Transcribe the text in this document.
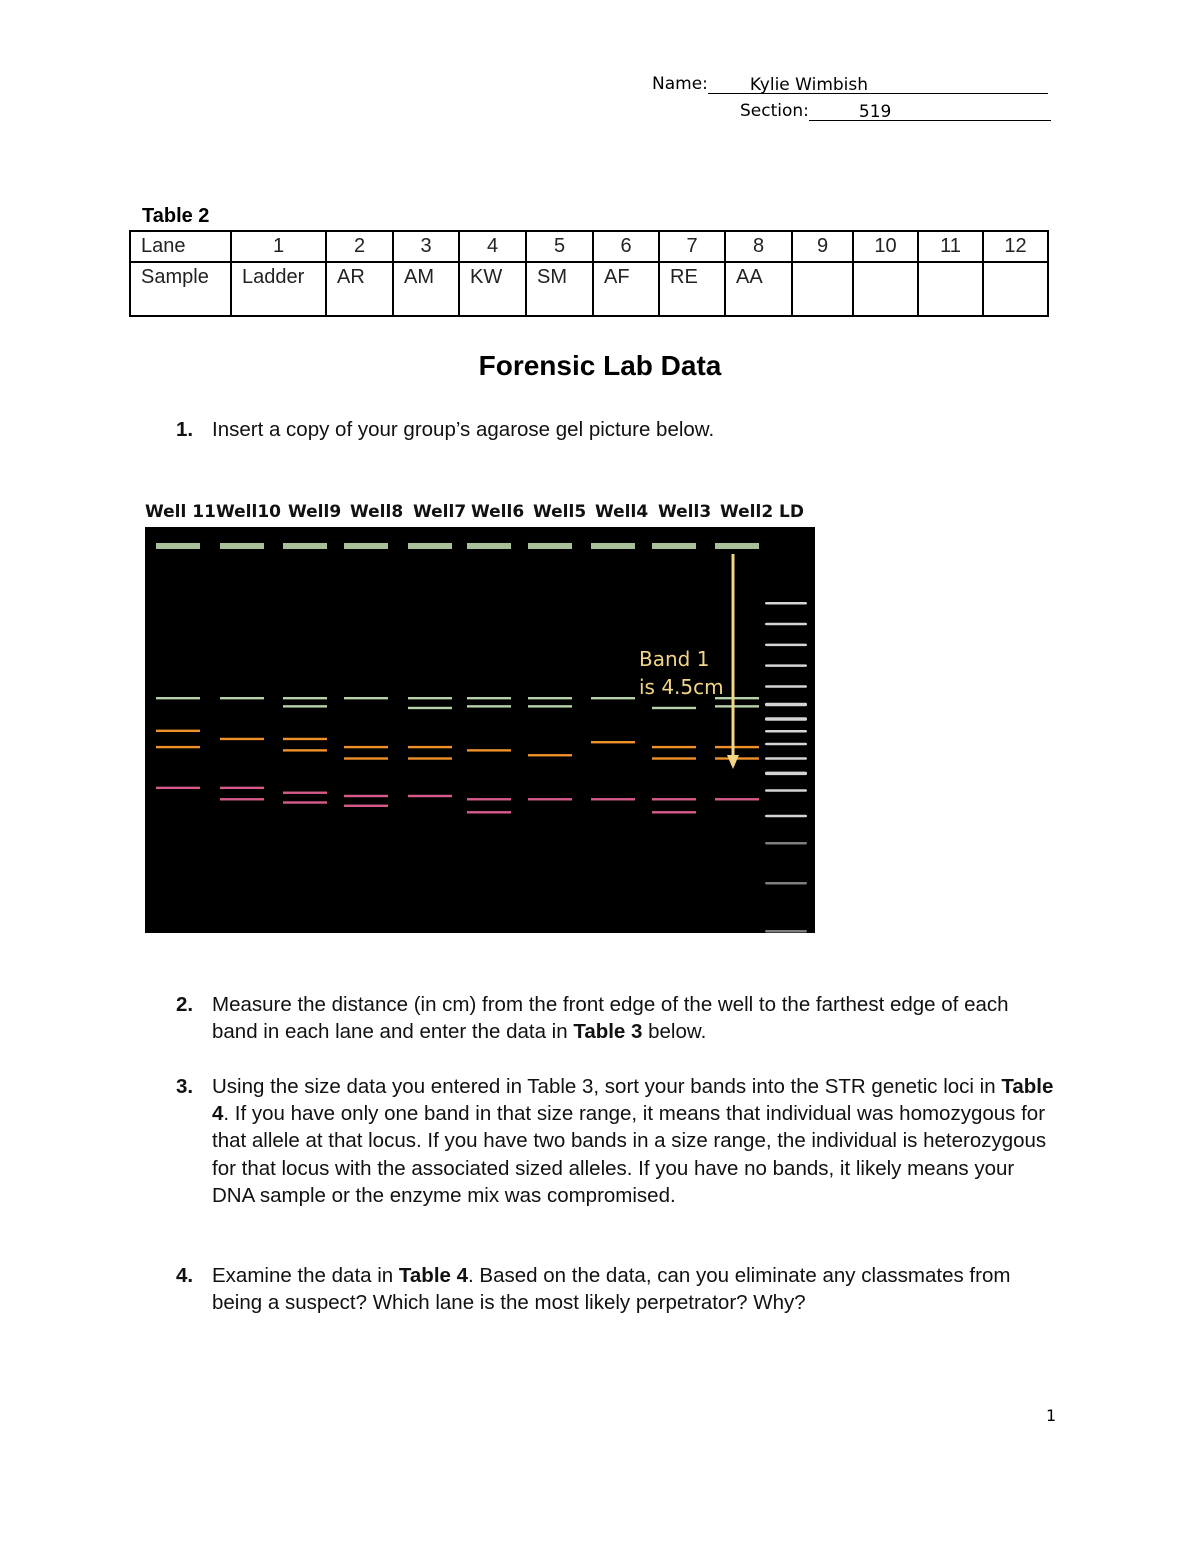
Name: Kylie Wimbish
Section:	519
Table 2
Lane	1	2	3	4	5	6	7	8	9	10	11	12
Sample	Ladder	AR	AM	KW	SM	AF	RE	AA				
Forensic Lab Data
1. Insert a copy of your group’s agarose gel picture below.
Well 11 Well10 Well9 Well8 Well7 Well6 Well5 Well4 Well3 Well2 LD
Band 1
is 4.5cm
2. Measure the distance (in cm) from the front edge of the well to the farthest edge of each band in each lane and enter the data in Table 3 below.
3. Using the size data you entered in Table 3, sort your bands into the STR genetic loci in Table 4. If you have only one band in that size range, it means that individual was homozygous for that allele at that locus. If you have two bands in a size range, the individual is heterozygous for that locus with the associated sized alleles. If you have no bands, it likely means your DNA sample or the enzyme mix was compromised.
4. Examine the data in Table 4. Based on the data, can you eliminate any classmates from being a suspect? Which lane is the most likely perpetrator? Why?
1
